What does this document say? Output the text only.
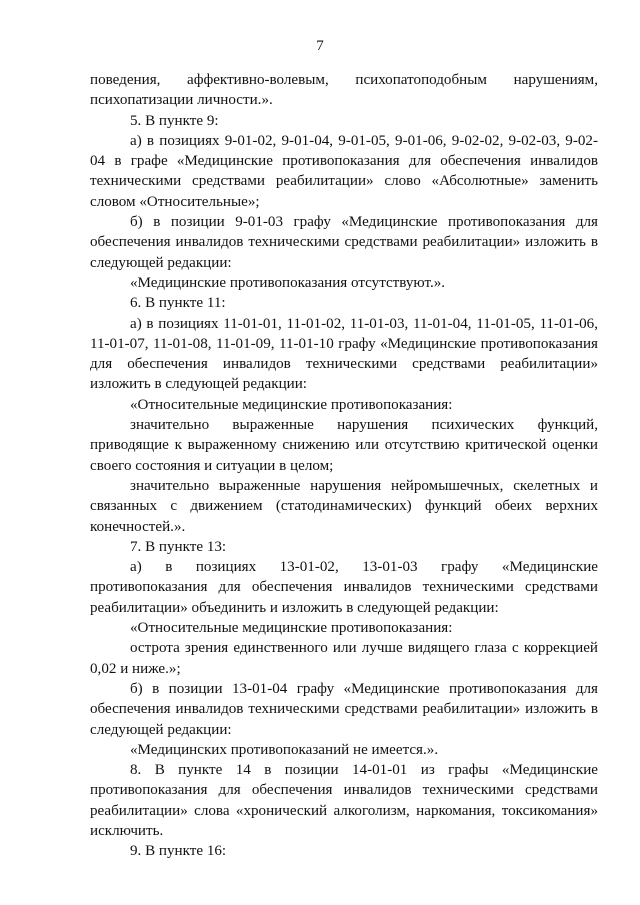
7

поведения, аффективно-волевым, психопатоподобным нарушениям, психопатизации личности.».

5. В пункте 9:

а) в позициях 9-01-02, 9-01-04, 9-01-05, 9-01-06, 9-02-02, 9-02-03, 9-02-04 в графе «Медицинские противопоказания для обеспечения инвалидов техническими средствами реабилитации» слово «Абсолютные» заменить словом «Относительные»;

б) в позиции 9-01-03 графу «Медицинские противопоказания для обеспечения инвалидов техническими средствами реабилитации» изложить в следующей редакции:

«Медицинские противопоказания отсутствуют.».

6. В пункте 11:

а) в позициях 11-01-01, 11-01-02, 11-01-03, 11-01-04, 11-01-05, 11-01-06, 11-01-07, 11-01-08, 11-01-09, 11-01-10 графу «Медицинские противопоказания для обеспечения инвалидов техническими средствами реабилитации» изложить в следующей редакции:

«Относительные медицинские противопоказания:

значительно выраженные нарушения психических функций, приводящие к выраженному снижению или отсутствию критической оценки своего состояния и ситуации в целом;

значительно выраженные нарушения нейромышечных, скелетных и связанных с движением (статодинамических) функций обеих верхних конечностей.».

7. В пункте 13:

а) в позициях 13-01-02, 13-01-03 графу «Медицинские противопоказания для обеспечения инвалидов техническими средствами реабилитации» объединить и изложить в следующей редакции:

«Относительные медицинские противопоказания:

острота зрения единственного или лучше видящего глаза с коррекцией 0,02 и ниже.»;

б) в позиции 13-01-04 графу «Медицинские противопоказания для обеспечения инвалидов техническими средствами реабилитации» изложить в следующей редакции:

«Медицинских противопоказаний не имеется.».

8. В пункте 14 в позиции 14-01-01 из графы «Медицинские противопоказания для обеспечения инвалидов техническими средствами реабилитации» слова «хронический алкоголизм, наркомания, токсикомания» исключить.

9. В пункте 16:
